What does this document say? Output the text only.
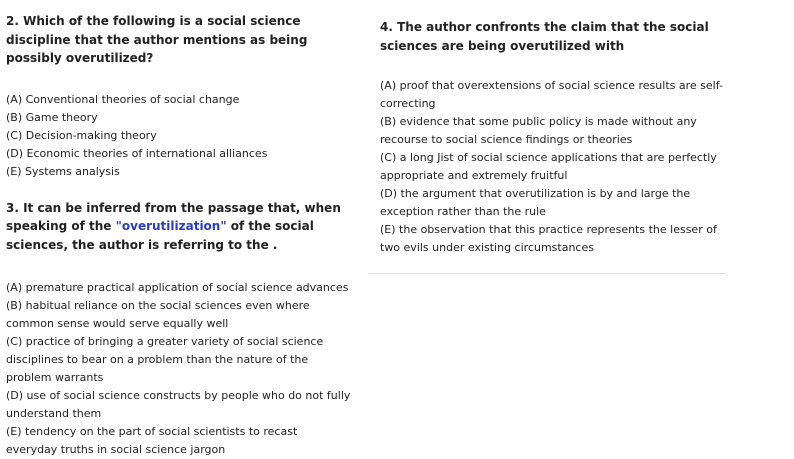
2. Which of the following is a social science discipline that the author mentions as being possibly overutilized?

(A) Conventional theories of social change
(B) Game theory
(C) Decision-making theory
(D) Economic theories of international alliances
(E) Systems analysis

3. It can be inferred from the passage that, when speaking of the "overutilization" of the social sciences, the author is referring to the .

(A) premature practical application of social science advances
(B) habitual reliance on the social sciences even where common sense would serve equally well
(C) practice of bringing a greater variety of social science disciplines to bear on a problem than the nature of the problem warrants
(D) use of social science constructs by people who do not fully understand them
(E) tendency on the part of social scientists to recast everyday truths in social science jargon

4. The author confronts the claim that the social sciences are being overutilized with

(A) proof that overextensions of social science results are self-correcting
(B) evidence that some public policy is made without any recourse to social science findings or theories
(C) a long Jist of social science applications that are perfectly appropriate and extremely fruitful
(D) the argument that overutilization is by and large the exception rather than the rule
(E) the observation that this practice represents the lesser of two evils under existing circumstances
